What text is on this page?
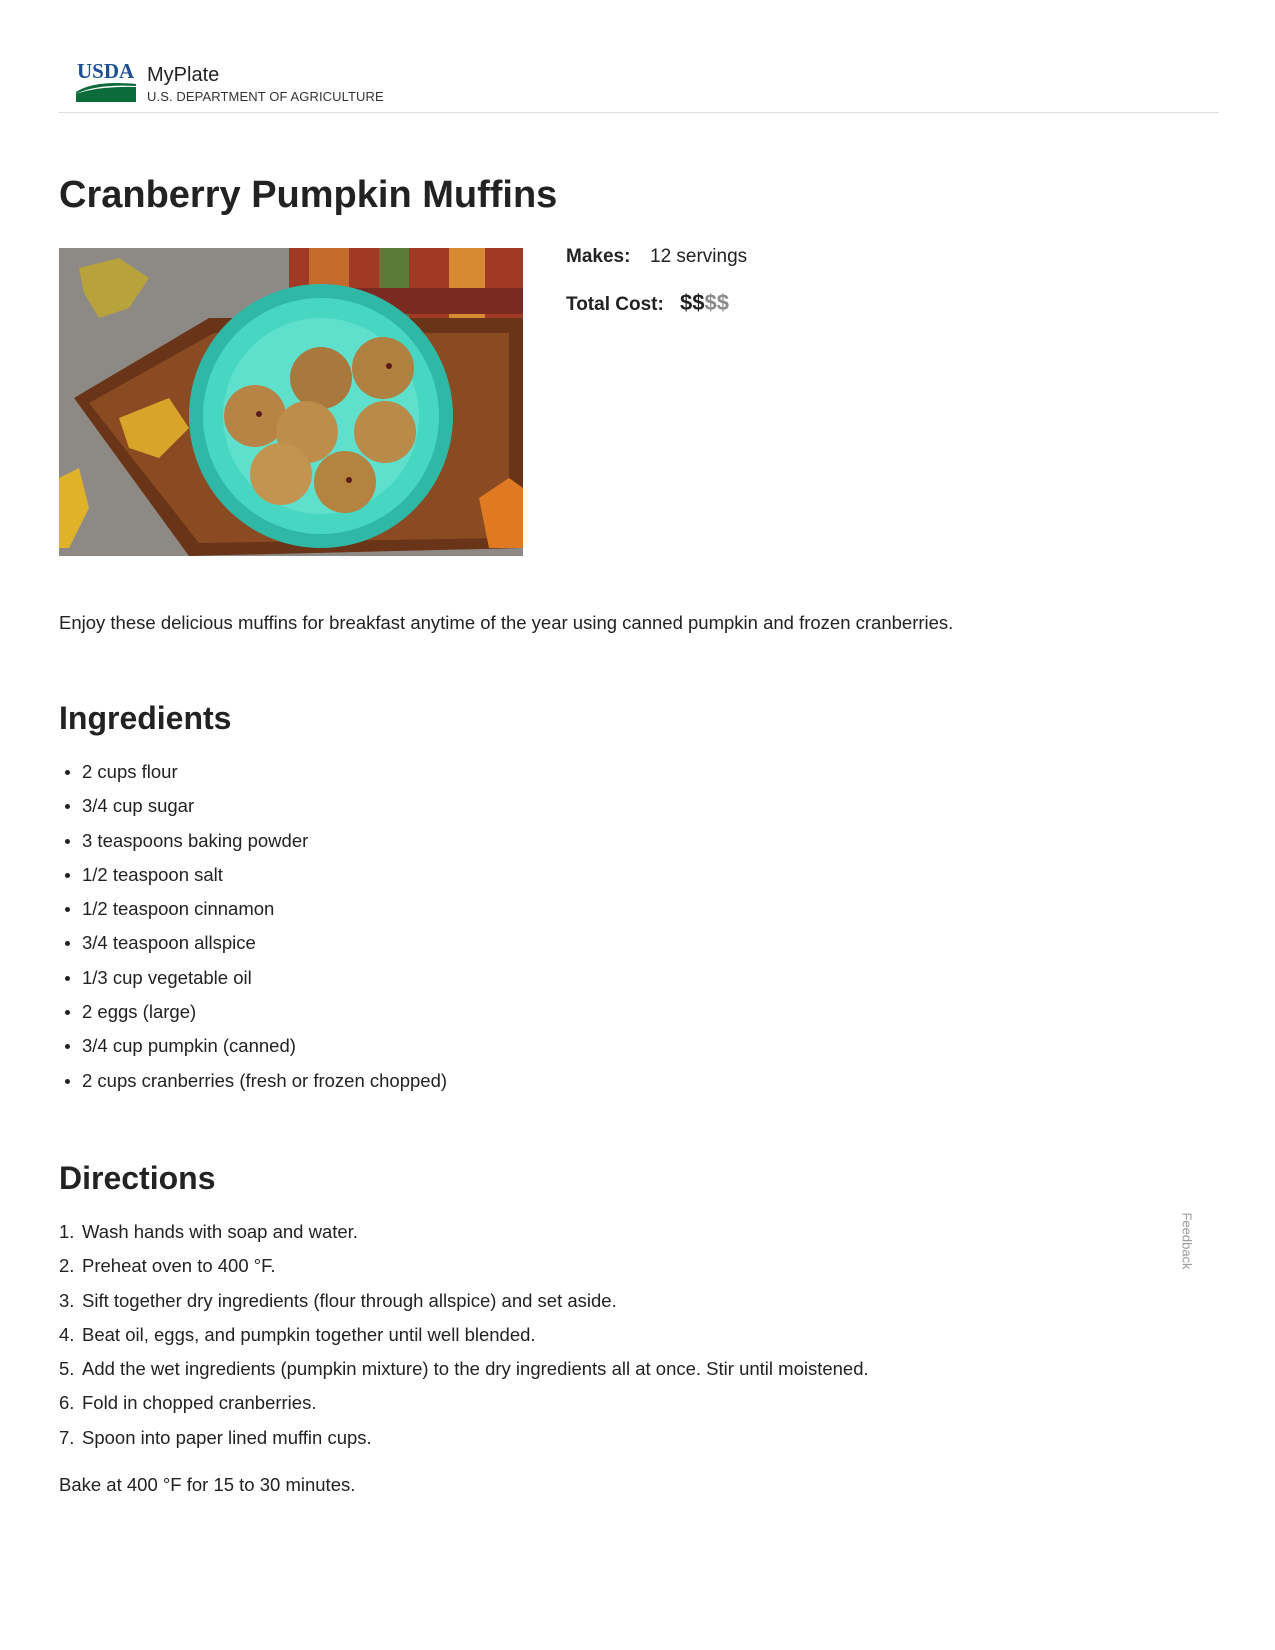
USDA MyPlate
U.S. DEPARTMENT OF AGRICULTURE
Cranberry Pumpkin Muffins
Makes: 12 servings
Total Cost: $$$$

Enjoy these delicious muffins for breakfast anytime of the year using canned pumpkin and frozen cranberries.

Ingredients
2 cups flour
3/4 cup sugar
3 teaspoons baking powder
1/2 teaspoon salt
1/2 teaspoon cinnamon
3/4 teaspoon allspice
1/3 cup vegetable oil
2 eggs (large)
3/4 cup pumpkin (canned)
2 cups cranberries (fresh or frozen chopped)
Directions
1. Wash hands with soap and water.
2. Preheat oven to 400 °F.
3. Sift together dry ingredients (flour through allspice) and set aside.
4. Beat oil, eggs, and pumpkin together until well blended.
5. Add the wet ingredients (pumpkin mixture) to the dry ingredients all at once. Stir until moistened.
6. Fold in chopped cranberries.
7. Spoon into paper lined muffin cups.

Bake at 400 °F for 15 to 30 minutes.

Feedback
